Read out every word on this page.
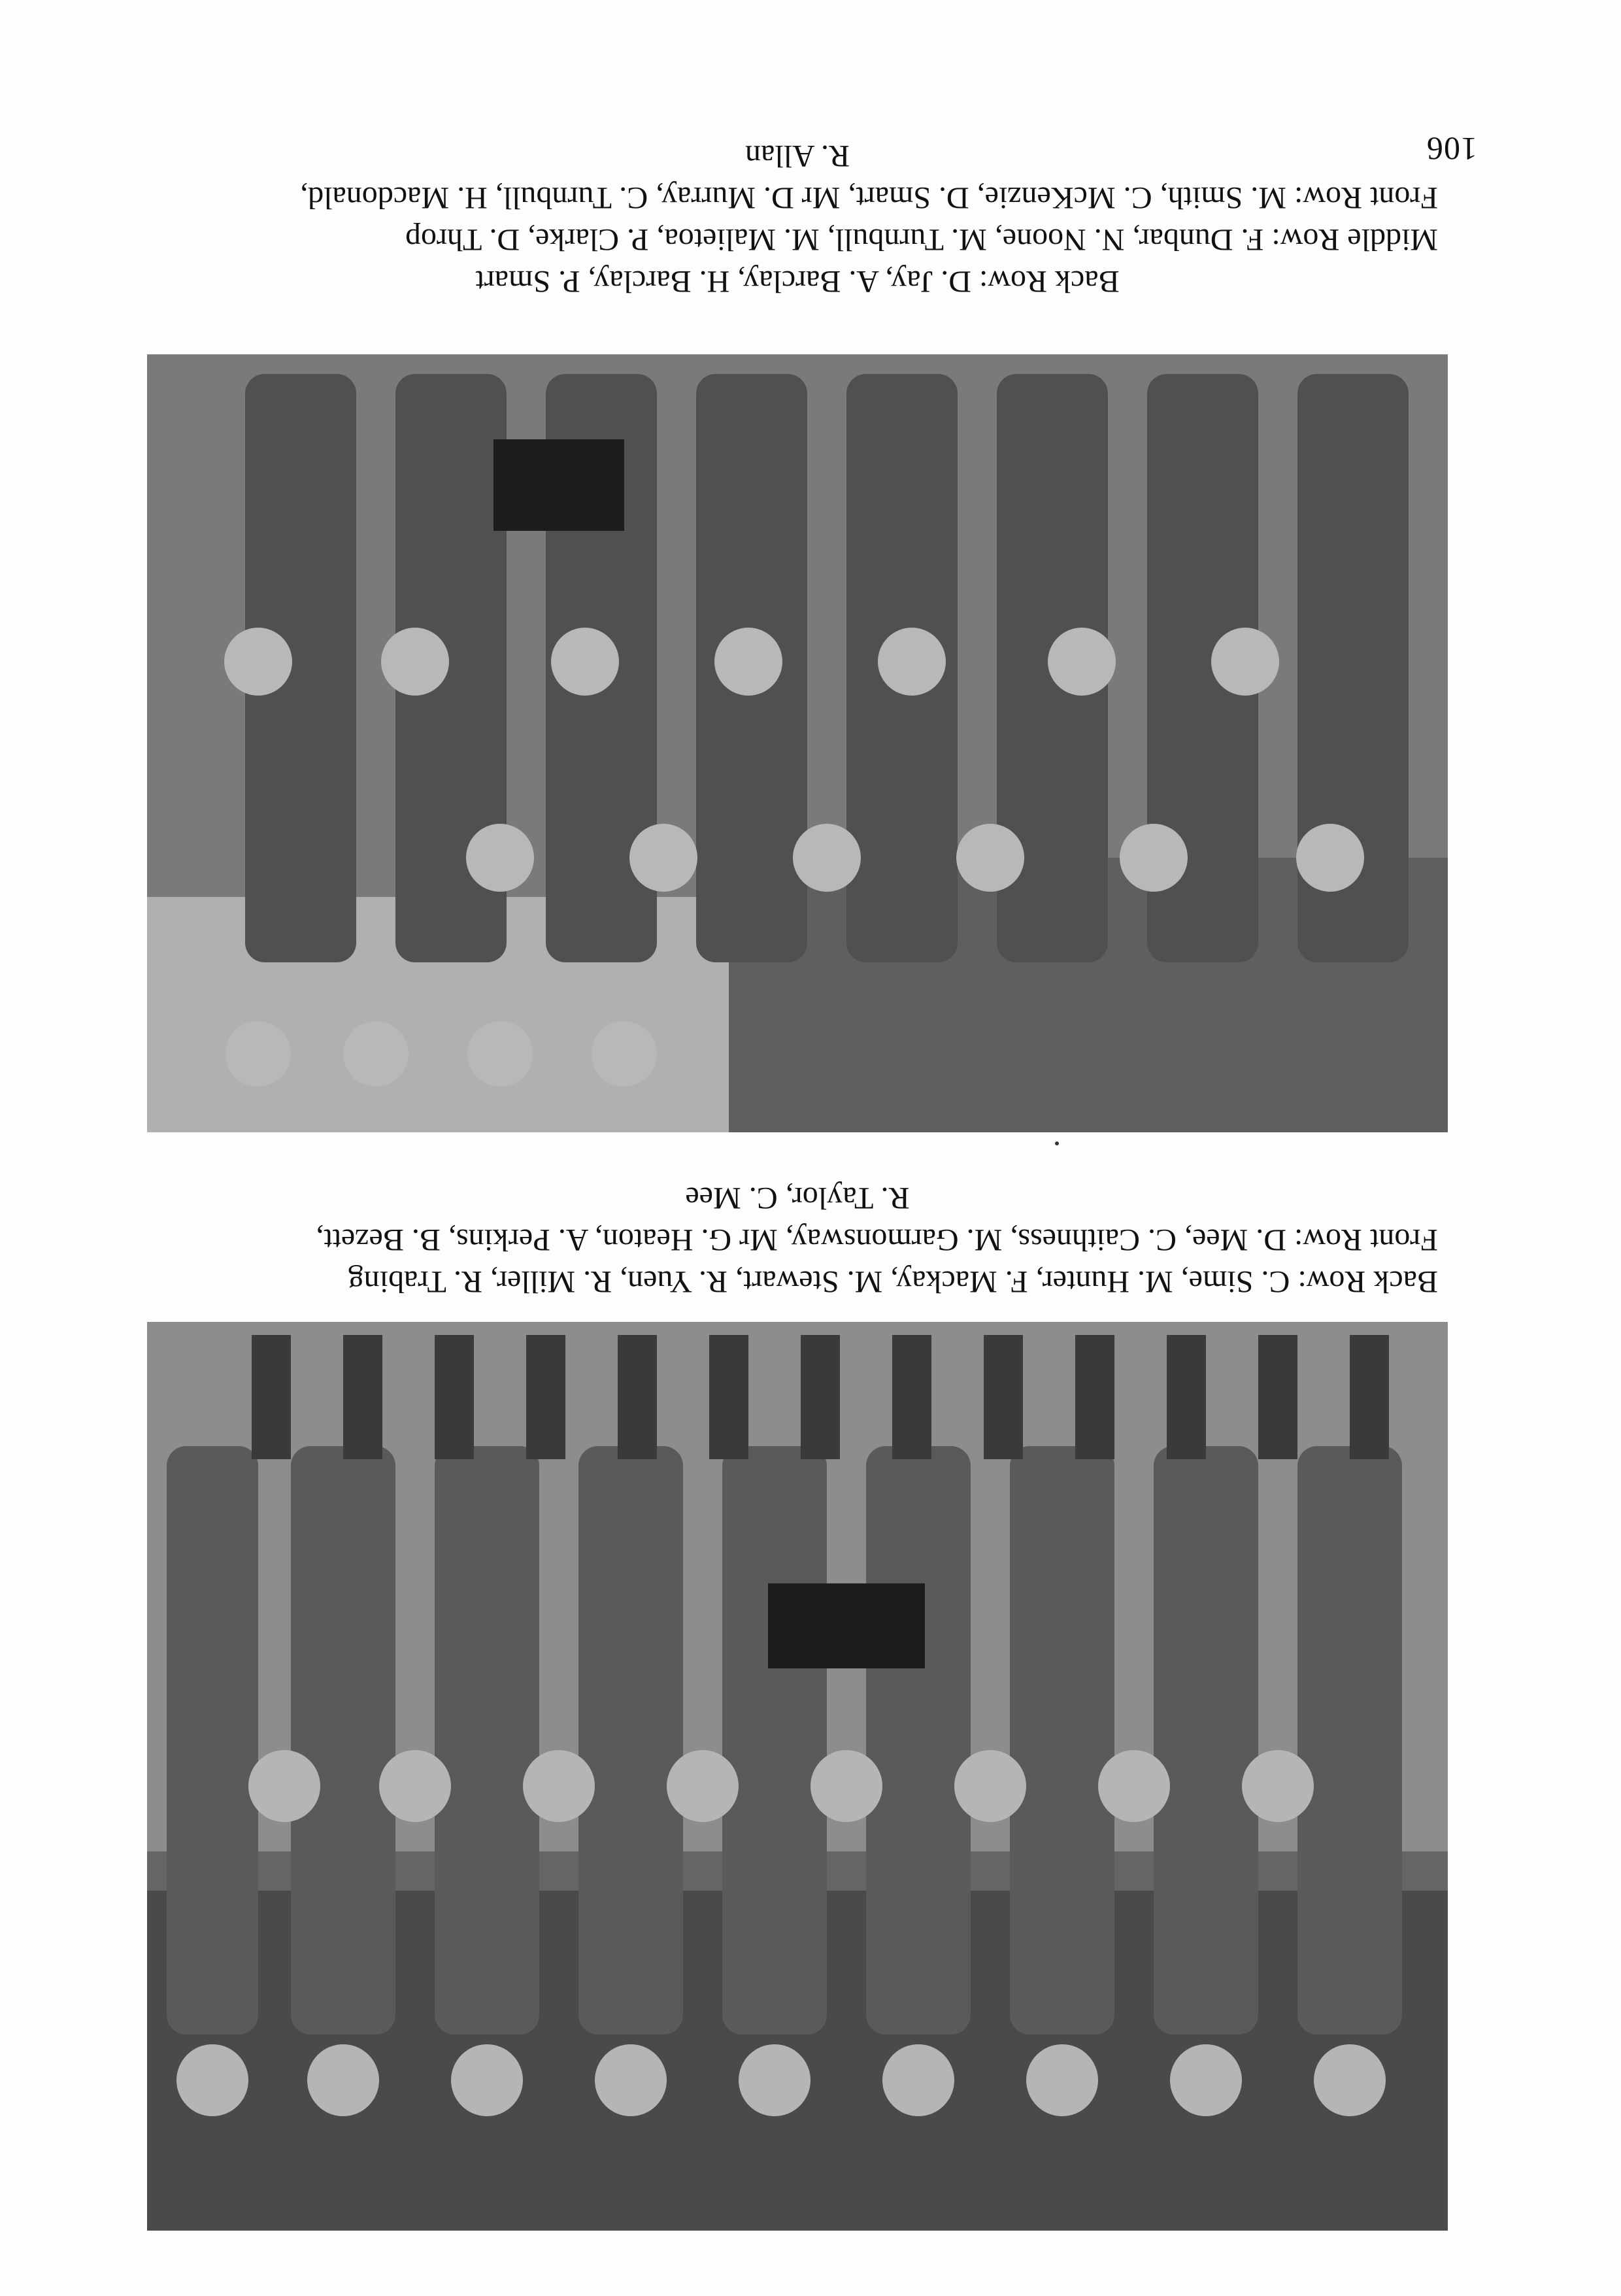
Back Row: C. Sime, M. Hunter, F. Mackay, M. Stewart, R. Yuen, R. Miller, R. Trabing

Front Row: D. Mee, C. Caithness, M. Garmonsway, Mr G. Heaton, A. Perkins, B. Bezett,

R. Taylor, C. Mee

Back Row: D. Jay, A. Barclay, H. Barclay, P. Smart

Middle Row: F. Dunbar, N. Noone, M. Turnbull, M. Malietoa, P. Clarke, D. Throp

Front Row: M. Smith, C. McKenzie, D. Smart, Mr D. Murray, C. Turnbull, H. Macdonald,

R. Allan	106
